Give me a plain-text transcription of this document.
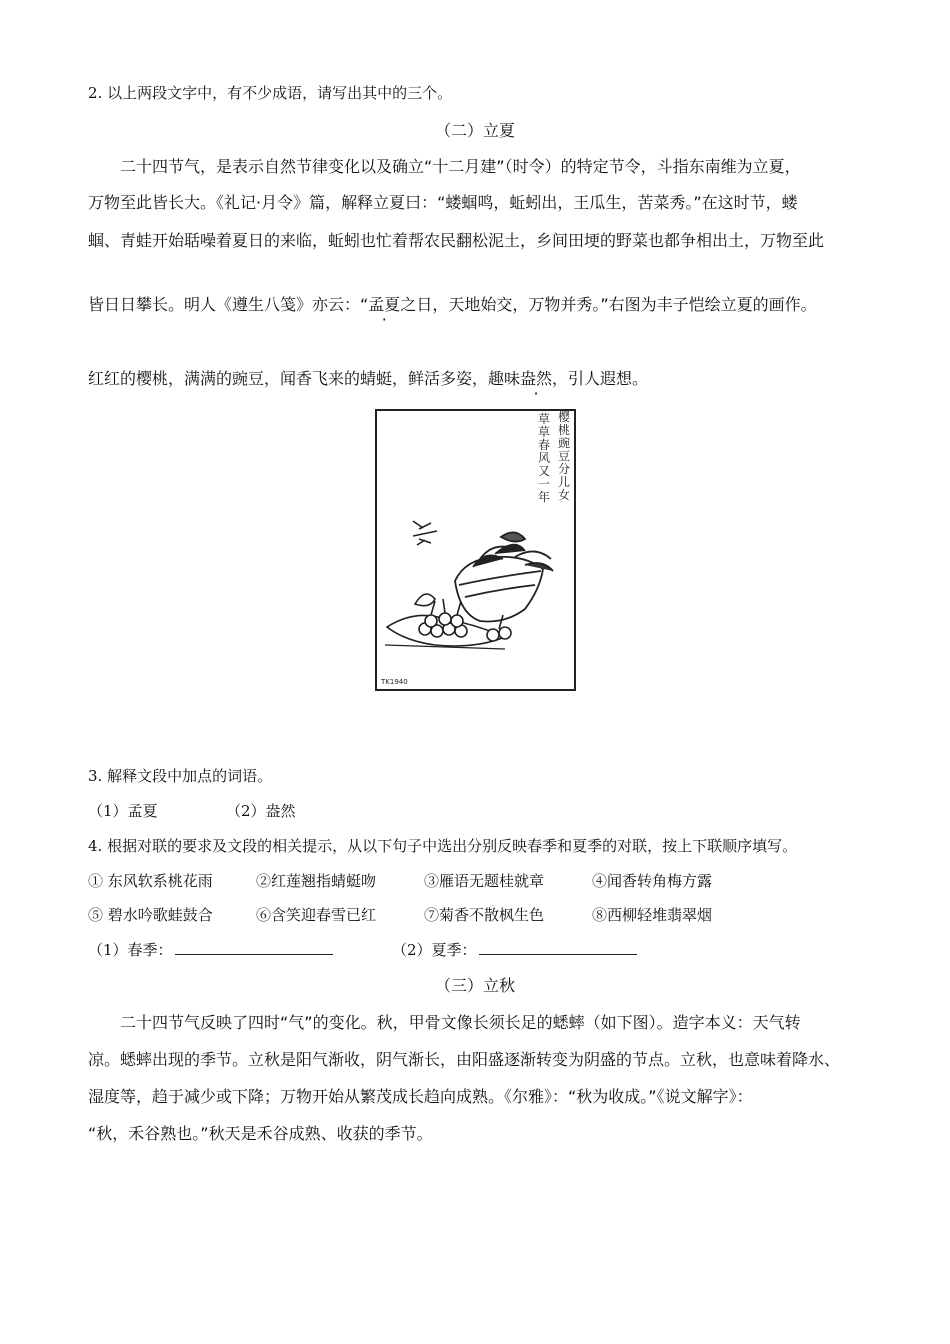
2. 以上两段文字中，有不少成语，请写出其中的三个。
（二）立夏
二十四节气，是表示自然节律变化以及确立“十二月建”（时令）的特定节令，斗指东南维为立夏，
万物至此皆长大。《礼记·月令》篇，解释立夏曰：“蝼蝈鸣，蚯蚓出，王瓜生，苦菜秀。”在这时节，蝼
蝈、青蛙开始聒噪着夏日的来临，蚯蚓也忙着帮农民翻松泥土，乡间田埂的野菜也都争相出土，万物至此
皆日日攀长。明人《遵生八笺》亦云：“孟夏之日，天地始交，万物并秀。”右图为丰子恺绘立夏的画作。
红红的樱桃，满满的豌豆，闻香飞来的蜻蜓，鲜活多姿，趣味盎然，引人遐想。
樱桃豌豆分儿女
草草春风又一年
TK1940
3. 解释文段中加点的词语。
（1）孟夏	（2）盎然
4. 根据对联的要求及文段的相关提示，从以下句子中选出分别反映春季和夏季的对联，按上下联顺序填写。
① 东风软系桃花雨	②红莲翘指蜻蜓吻	③雁语无题桂就章	④闻香转角梅方露
⑤ 碧水吟歌蛙鼓合	⑥含笑迎春雪已红	⑦菊香不散枫生色	⑧西柳轻堆翡翠烟
（1）春季：	（2）夏季：
（三）立秋
二十四节气反映了四时“气”的变化。秋，甲骨文像长须长足的蟋蟀（如下图）。造字本义：天气转
凉。蟋蟀出现的季节。立秋是阳气渐收，阴气渐长，由阳盛逐渐转变为阴盛的节点。立秋，也意味着降水、
湿度等，趋于减少或下降；万物开始从繁茂成长趋向成熟。《尔雅》：“秋为收成。”《说文解字》：
“秋，禾谷熟也。”秋天是禾谷成熟、收获的季节。
